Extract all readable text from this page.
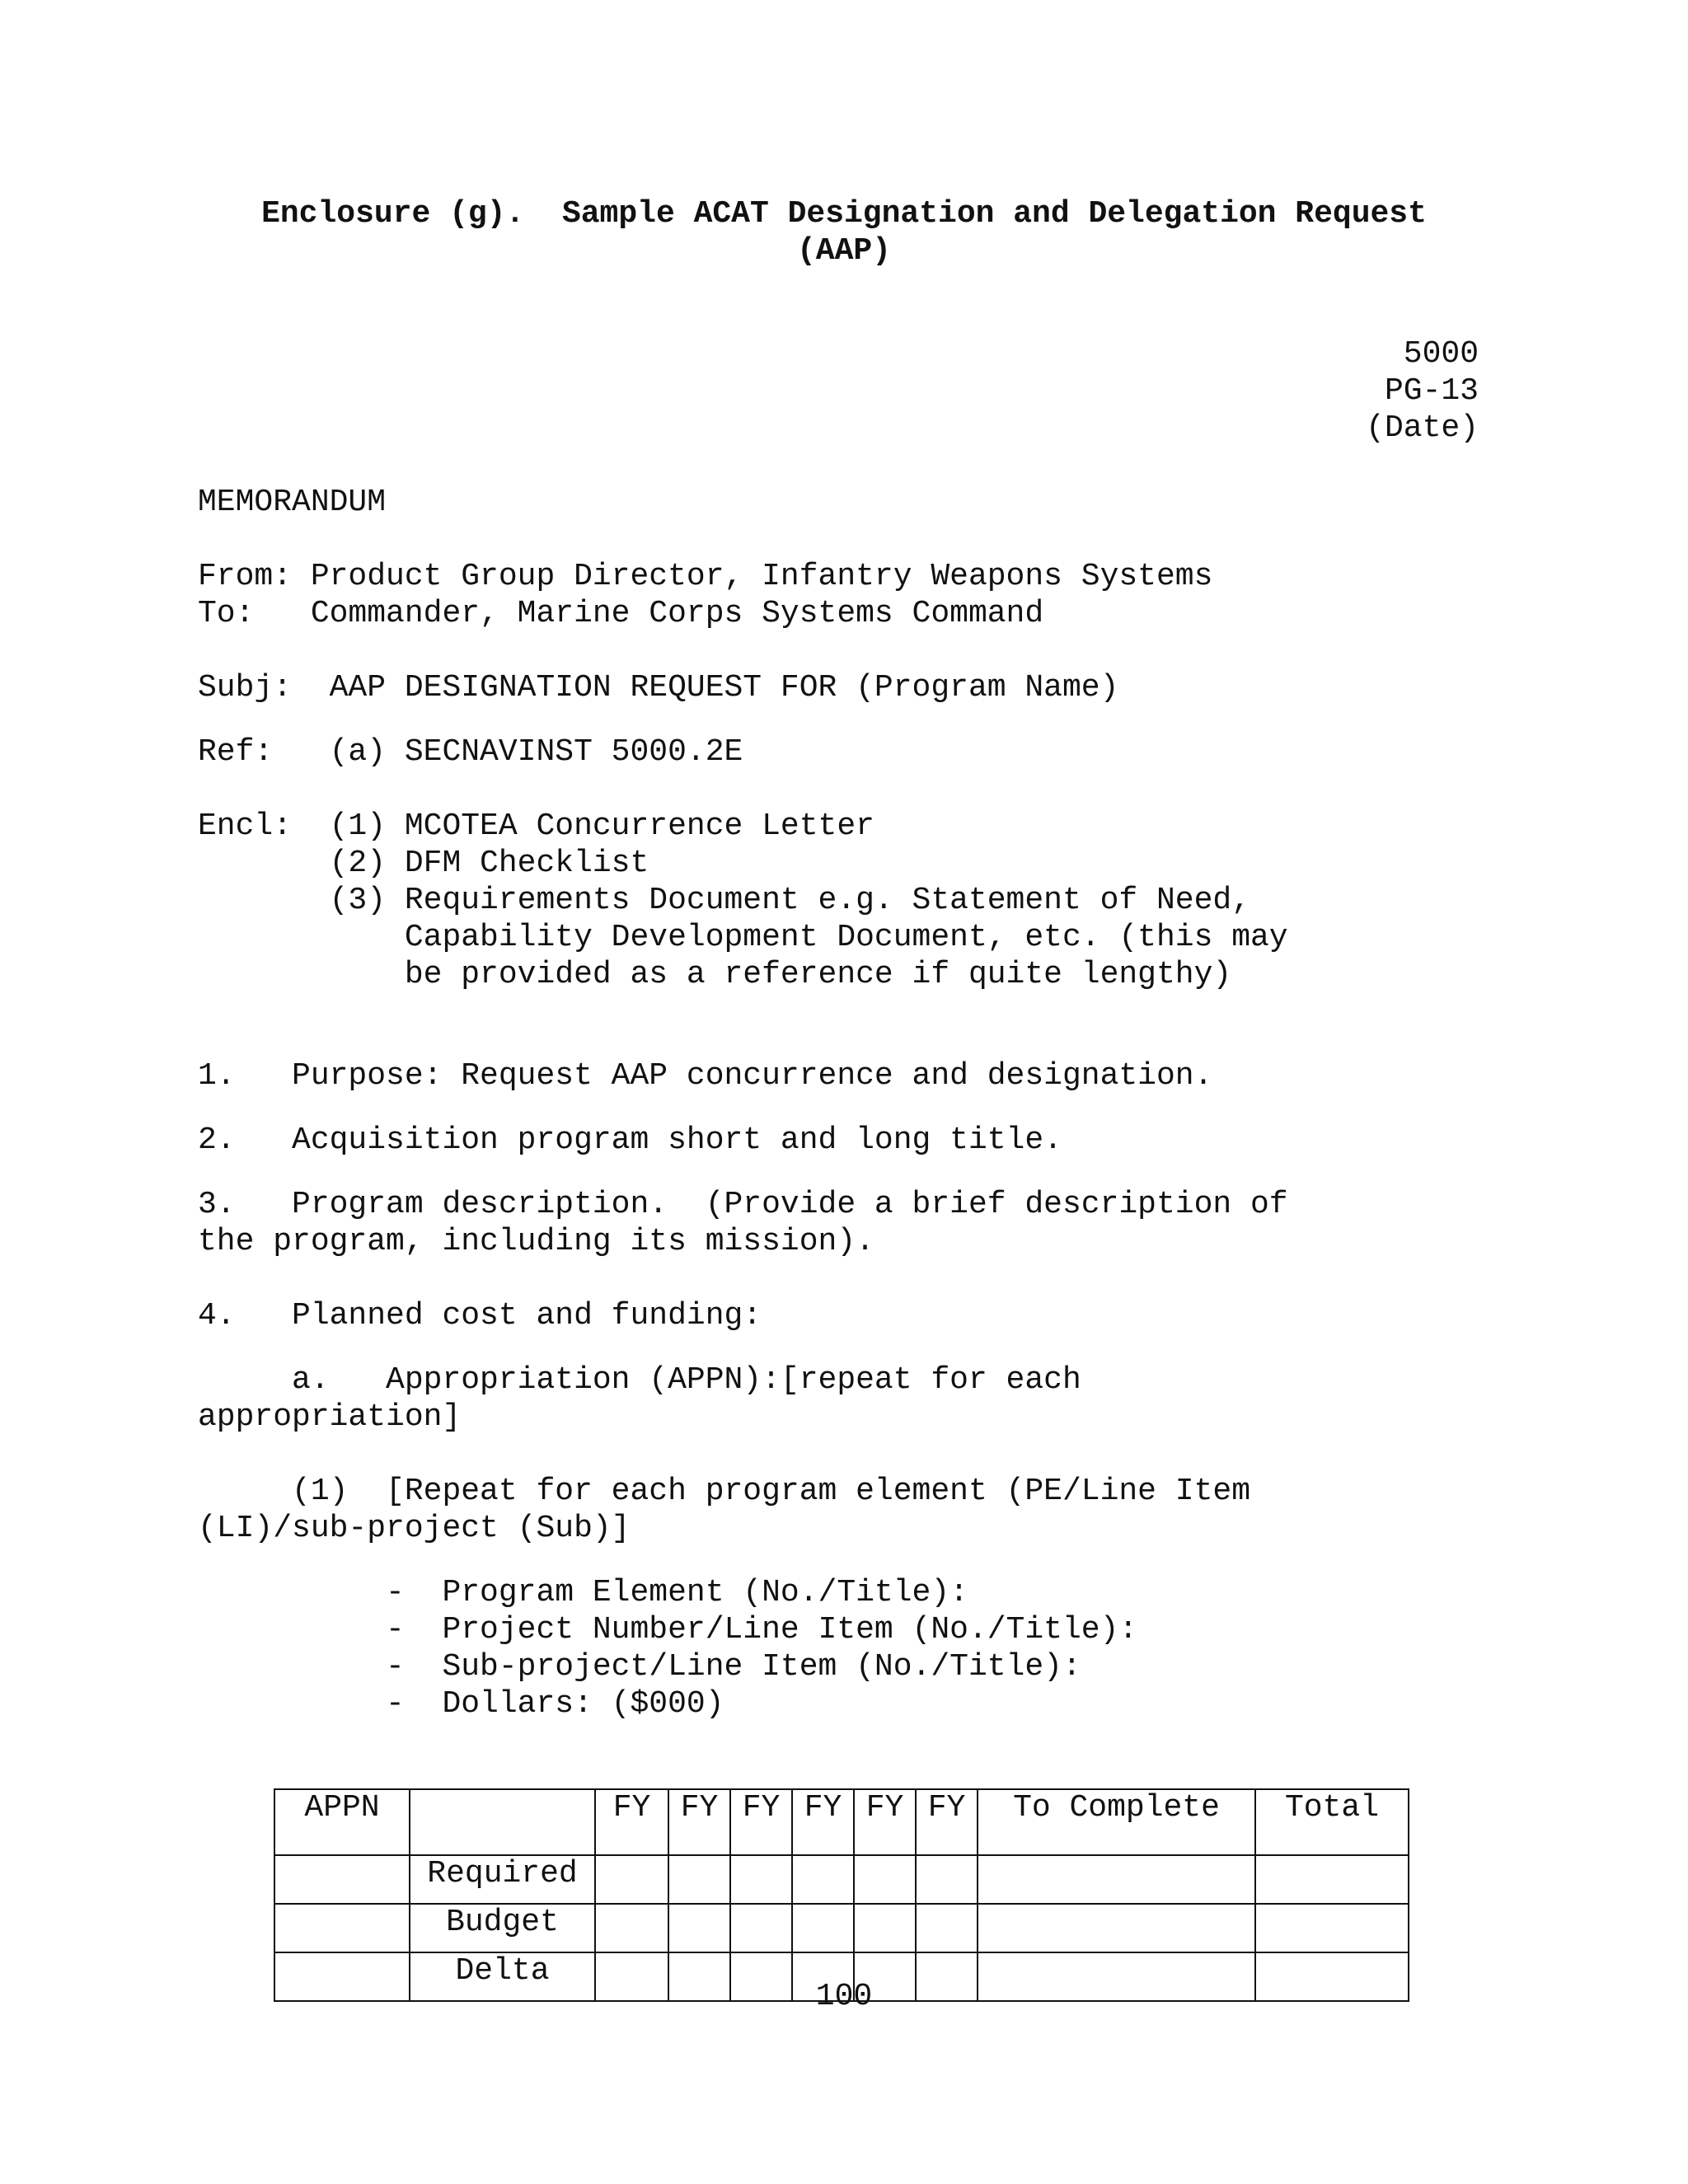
Enclosure (g).  Sample ACAT Designation and Delegation Request
(AAP)
5000
PG-13
(Date)
MEMORANDUM
From: Product Group Director, Infantry Weapons Systems
To:   Commander, Marine Corps Systems Command
Subj:  AAP DESIGNATION REQUEST FOR (Program Name)
Ref:   (a) SECNAVINST 5000.2E
Encl:  (1) MCOTEA Concurrence Letter
(2) DFM Checklist
(3) Requirements Document e.g. Statement of Need,
Capability Development Document, etc. (this may
be provided as a reference if quite lengthy)
1.   Purpose: Request AAP concurrence and designation.
2.   Acquisition program short and long title.
3.   Program description.  (Provide a brief description of
the program, including its mission).
4.   Planned cost and funding:
a.   Appropriation (APPN):[repeat for each
appropriation]
(1)  [Repeat for each program element (PE/Line Item
(LI)/sub-project (Sub)]
-  Program Element (No./Title):
-  Project Number/Line Item (No./Title):
-  Sub-project/Line Item (No./Title):
-  Dollars: ($000)
APPN		FY	FY	FY	FY	FY	FY	To Complete	Total
	Required								
	Budget								
	Delta								
100
